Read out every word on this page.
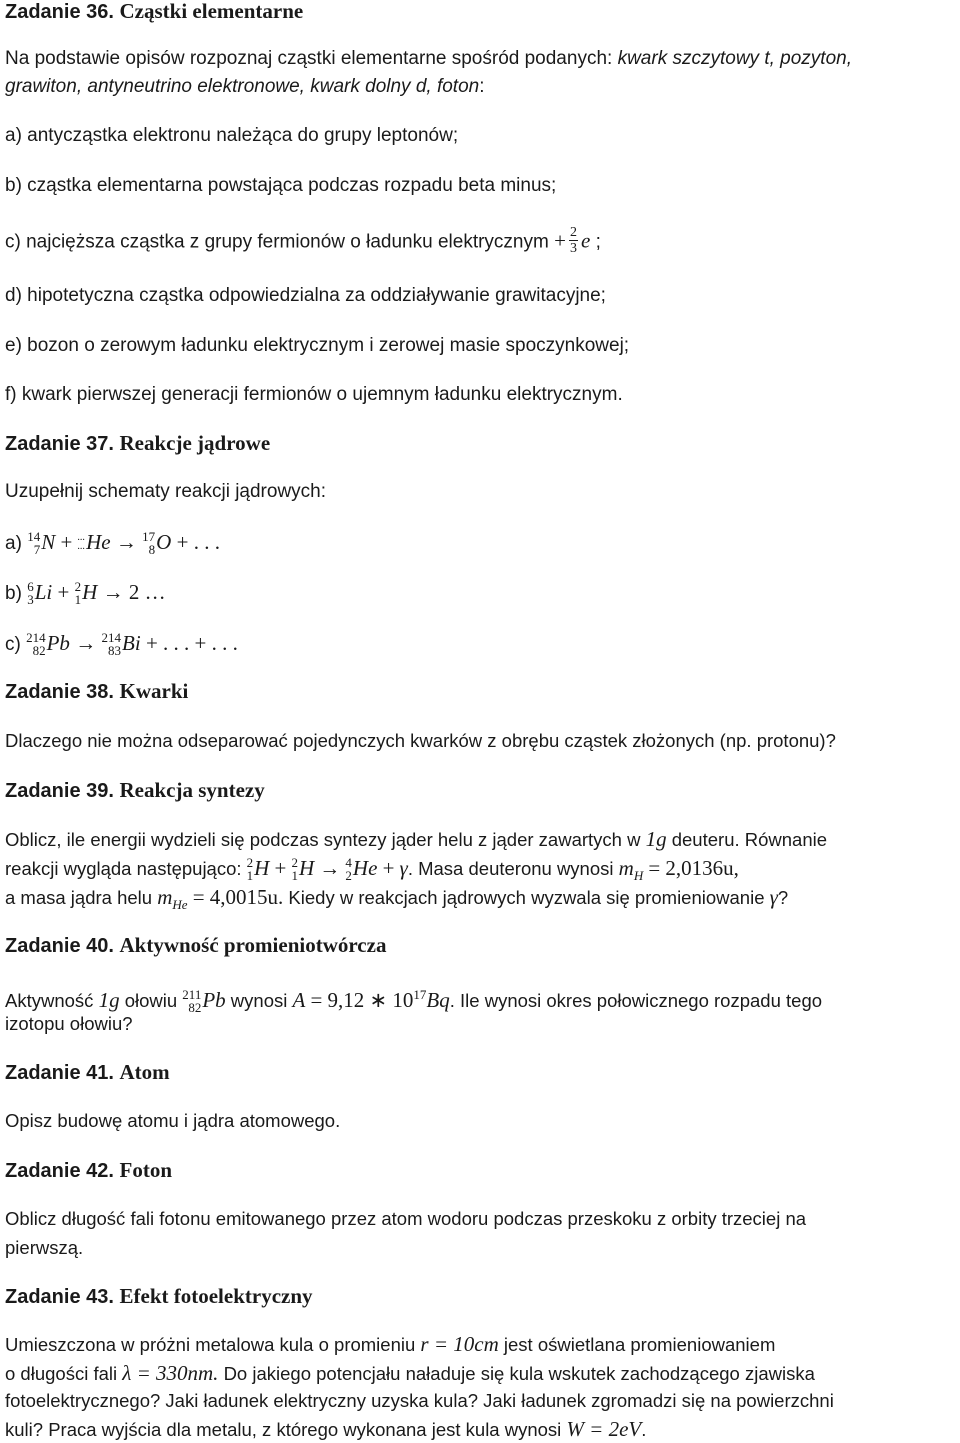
Zadanie 36. Cząstki elementarne
Na podstawie opisów rozpoznaj cząstki elementarne spośród podanych: kwark szczytowy t, pozyton,
grawiton, antyneutrino elektronowe, kwark dolny d, foton:
a) antycząstka elektronu należąca do grupy leptonów;
b) cząstka elementarna powstająca podczas rozpadu beta minus;
c) najcięższa cząstka z grupy fermionów o ładunku elektrycznym + $\frac{2}{3}$ e ;
d) hipotetyczna cząstka odpowiedzialna za oddziaływanie grawitacyjne;
e) bozon o zerowym ładunku elektrycznym i zerowej masie spoczynkowej;
f) kwark pierwszej generacji fermionów o ujemnym ładunku elektrycznym.
Zadanie 37. Reakcje jądrowe
Uzupełnij schematy reakcji jądrowych:
a) 14
7 N + ...
... He → 17
8 O + . . .
b) 6
3 Li + 2
1 H → 2 …
c) 214
82 Pb → 214
83 Bi + . . . + . . .
Zadanie 38. Kwarki
Dlaczego nie można odseparować pojedynczych kwarków z obrębu cząstek złożonych (np. protonu)?
Zadanie 39. Reakcja syntezy
Oblicz, ile energii wydzieli się podczas syntezy jąder helu z jąder zawartych w 1g deuteru. Równanie
reakcji wygląda następująco: 2
1 H + 2
1 H → 4
2 He + γ. Masa deuteronu wynosi $m_H = 2,0136u$,
a masa jądra helu $m_{He} = 4,0015u$. Kiedy w reakcjach jądrowych wyzwala się promieniowanie γ?
Zadanie 40. Aktywność promieniotwórcza
Aktywność 1g ołowiu 211
82 Pb wynosi A = 9,12 ∗ $10^{17}Bq$. Ile wynosi okres połowicznego rozpadu tego
izotopu ołowiu?
Zadanie 41. Atom
Opisz budowę atomu i jądra atomowego.
Zadanie 42. Foton
Oblicz długość fali fotonu emitowanego przez atom wodoru podczas przeskoku z orbity trzeciej na
pierwszą.
Zadanie 43. Efekt fotoelektryczny
Umieszczona w próżni metalowa kula o promieniu r = 10cm jest oświetlana promieniowaniem
o długości fali λ = 330nm. Do jakiego potencjału naładuje się kula wskutek zachodzącego zjawiska
fotoelektrycznego? Jaki ładunek elektryczny uzyska kula? Jaki ładunek zgromadzi się na powierzchni
kuli? Praca wyjścia dla metalu, z którego wykonana jest kula wynosi W = 2eV.
